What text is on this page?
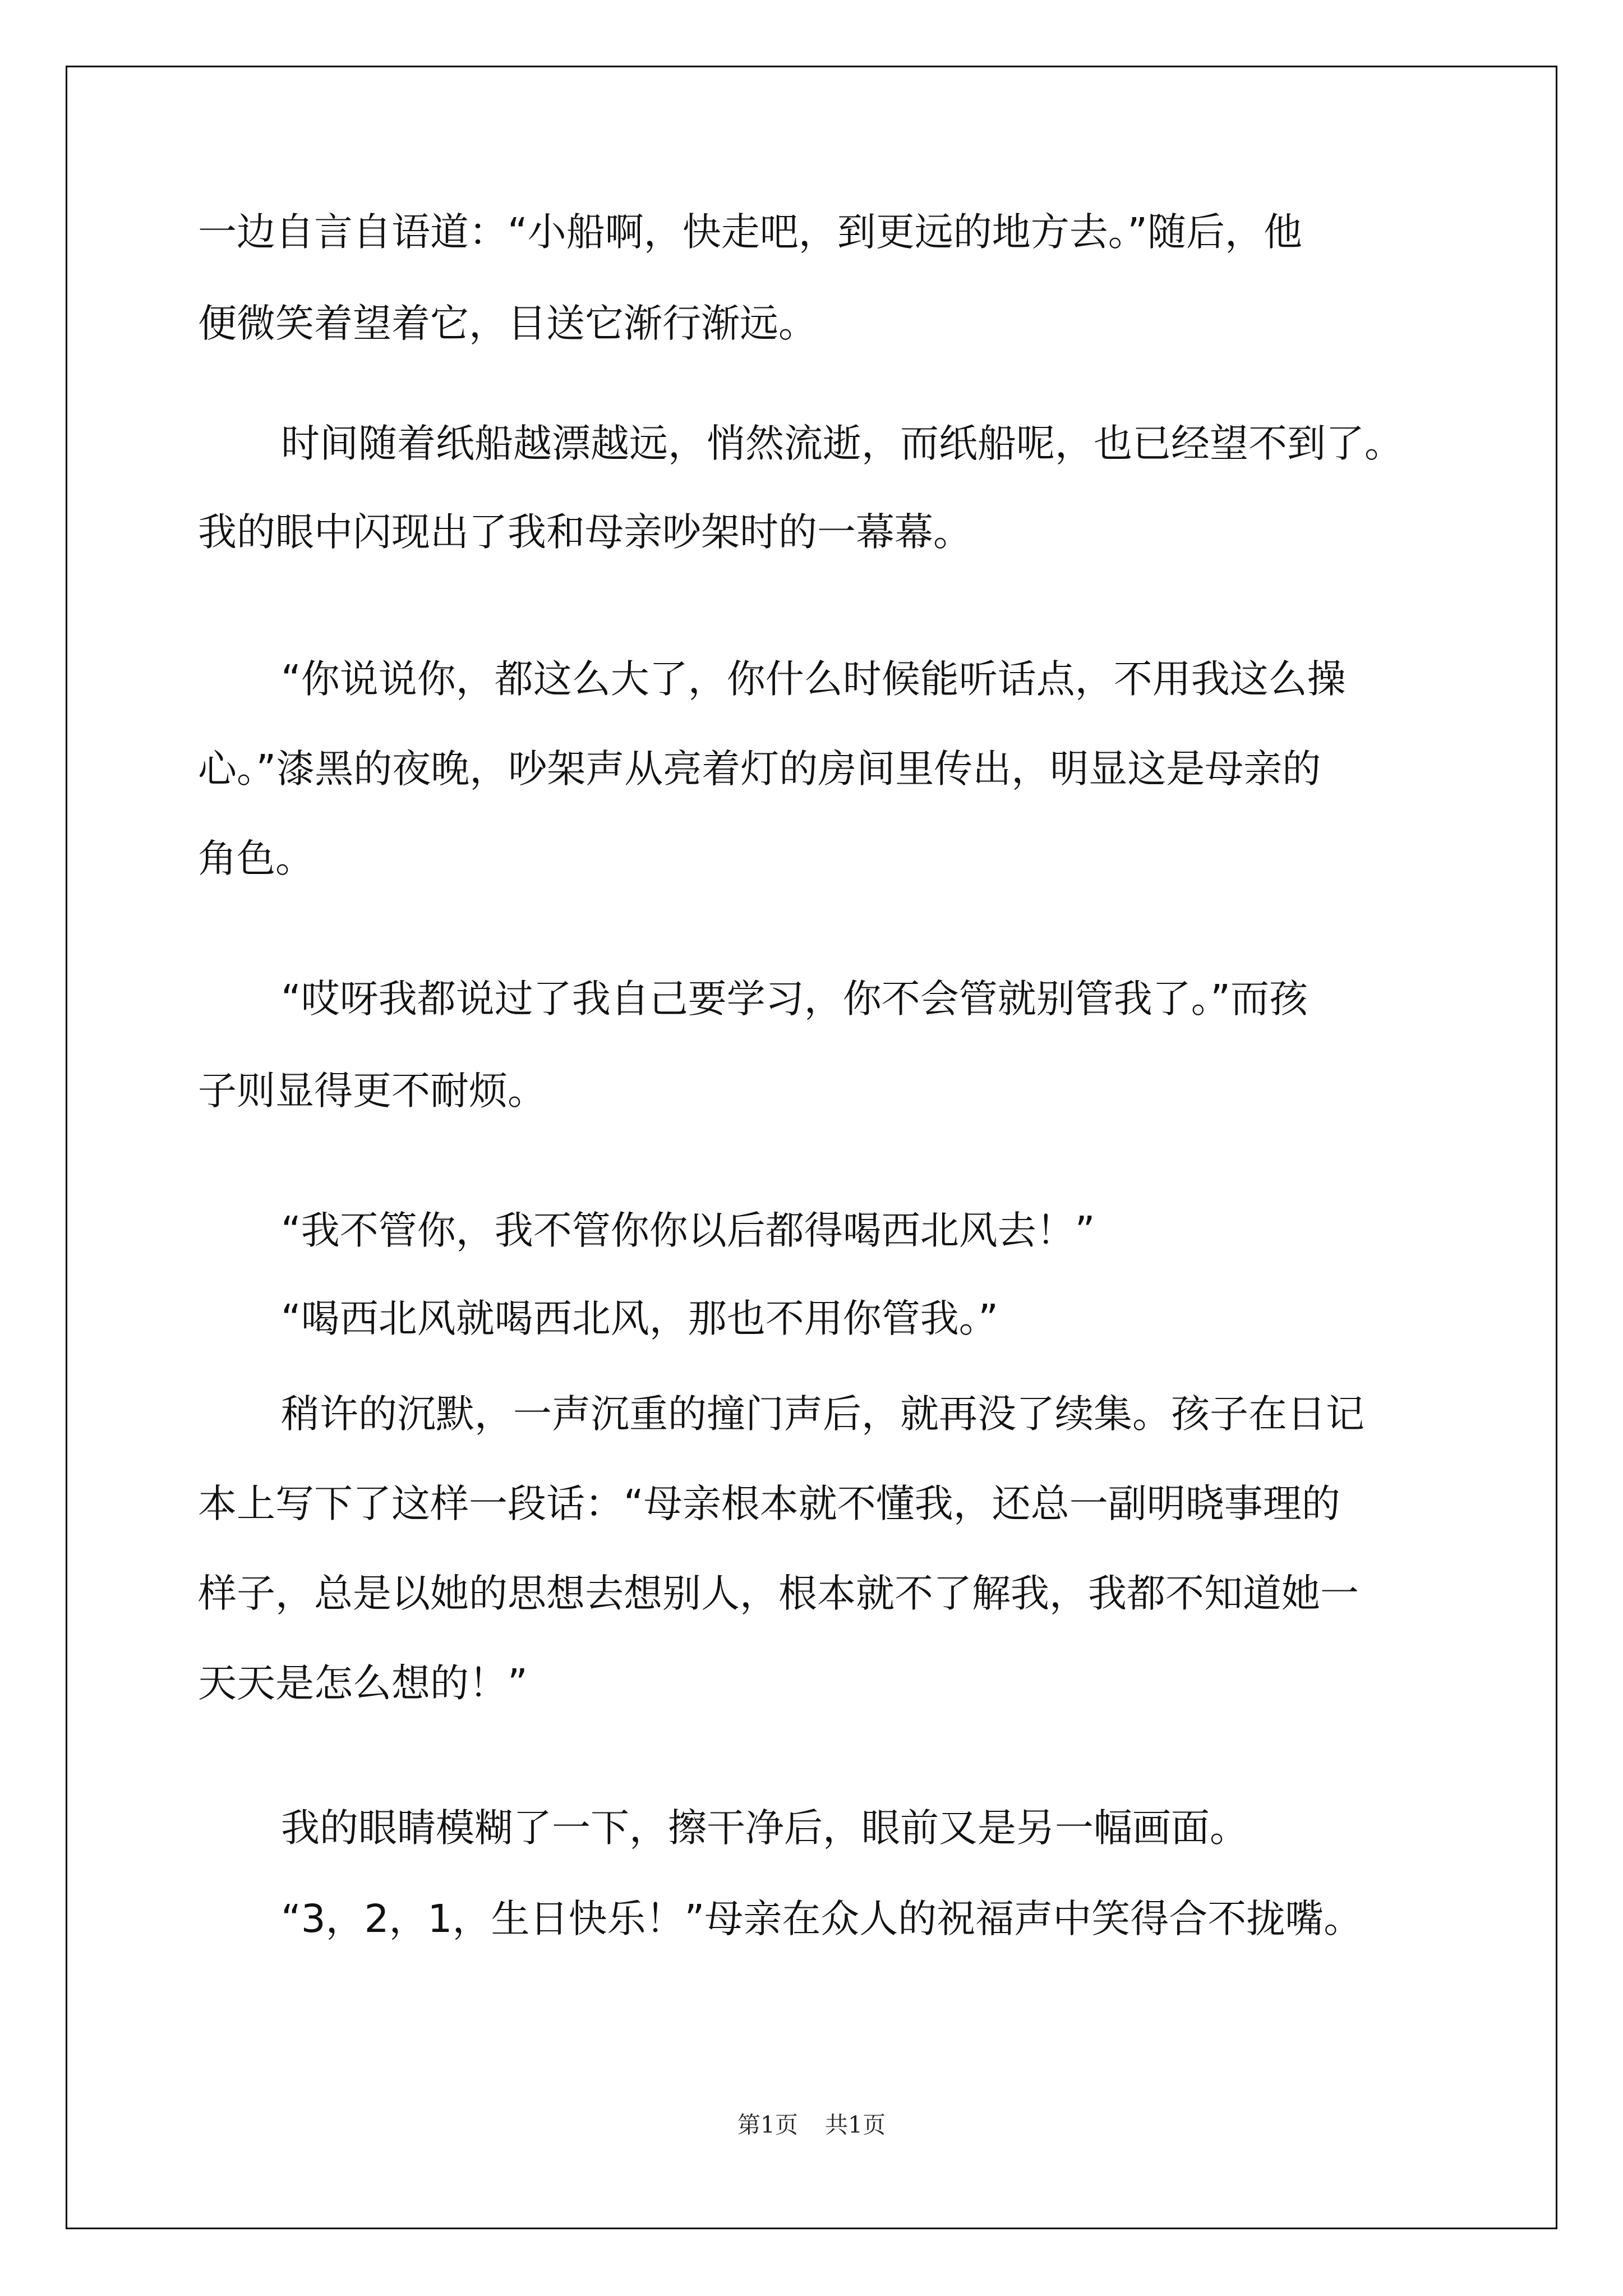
一边自言自语道：“小船啊，快走吧，到更远的地方去。”随后，他
便微笑着望着它，目送它渐行渐远。
时间随着纸船越漂越远，悄然流逝，而纸船呢，也已经望不到了。
我的眼中闪现出了我和母亲吵架时的一幕幕。
“你说说你，都这么大了，你什么时候能听话点，不用我这么操
心。”漆黑的夜晚，吵架声从亮着灯的房间里传出，明显这是母亲的
角色。
“哎呀我都说过了我自己要学习，你不会管就别管我了。”而孩
子则显得更不耐烦。
“我不管你，我不管你你以后都得喝西北风去！”
“喝西北风就喝西北风，那也不用你管我。”
稍许的沉默，一声沉重的撞门声后，就再没了续集。孩子在日记
本上写下了这样一段话：“母亲根本就不懂我，还总一副明晓事理的
样子，总是以她的思想去想别人，根本就不了解我，我都不知道她一
天天是怎么想的！”
我的眼睛模糊了一下，擦干净后，眼前又是另一幅画面。
“3，2，1，生日快乐！”母亲在众人的祝福声中笑得合不拢嘴。
第1页 共1页
